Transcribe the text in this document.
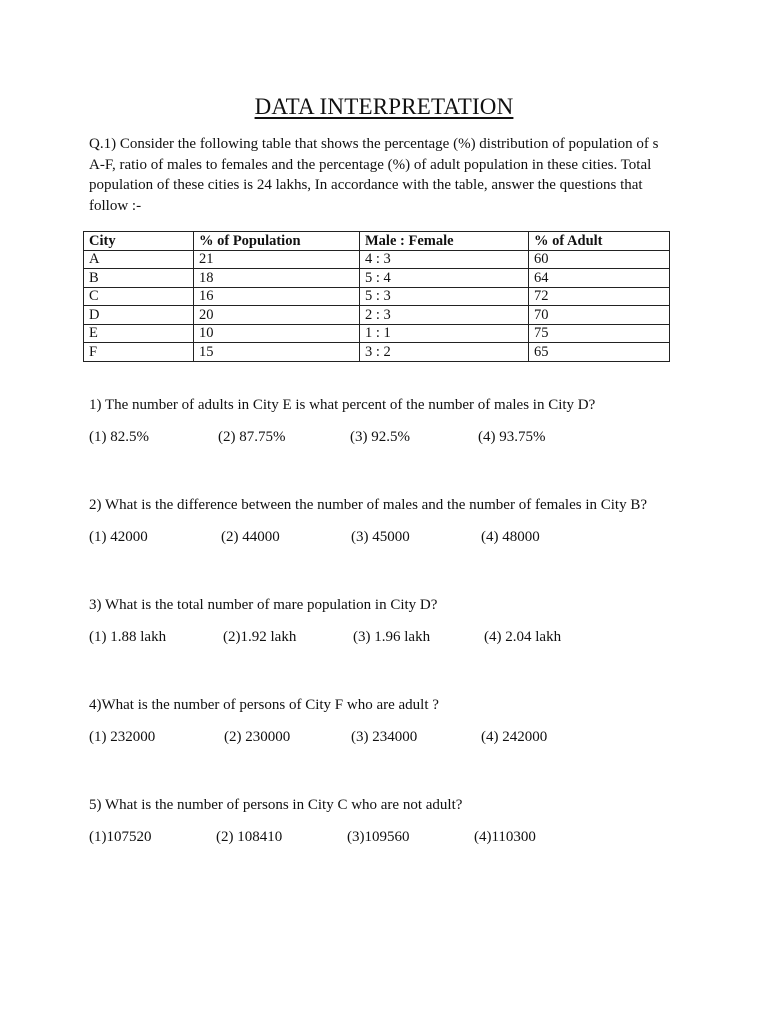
DATA INTERPRETATION
Q.1) Consider the following table that shows the percentage (%) distribution of population of s
A-F, ratio of males to females and the percentage (%) of adult population in these cities. Total
population of these cities is 24 lakhs, In accordance with the table, answer the questions that
follow :-
City	% of Population	Male : Female	% of Adult
A	21	4 : 3	60
B	18	5 : 4	64
C	16	5 : 3	72
D	20	2 : 3	70
E	10	1 : 1	75
F	15	3 : 2	65
1) The number of adults in City E is what percent of the number of males in City D?
(1) 82.5%	(2) 87.75%	(3) 92.5%	(4) 93.75%
2) What is the difference between the number of males and the number of females in City B?
(1) 42000	(2) 44000	(3) 45000	(4) 48000
3) What is the total number of mare population in City D?
(1) 1.88 lakh	(2)1.92 lakh	(3) 1.96 lakh	(4) 2.04 lakh
4)What is the number of persons of City F who are adult ?
(1) 232000	(2) 230000	(3) 234000	(4) 242000
5) What is the number of persons in City C who are not adult?
(1)107520	(2) 108410	(3)109560	(4)110300
